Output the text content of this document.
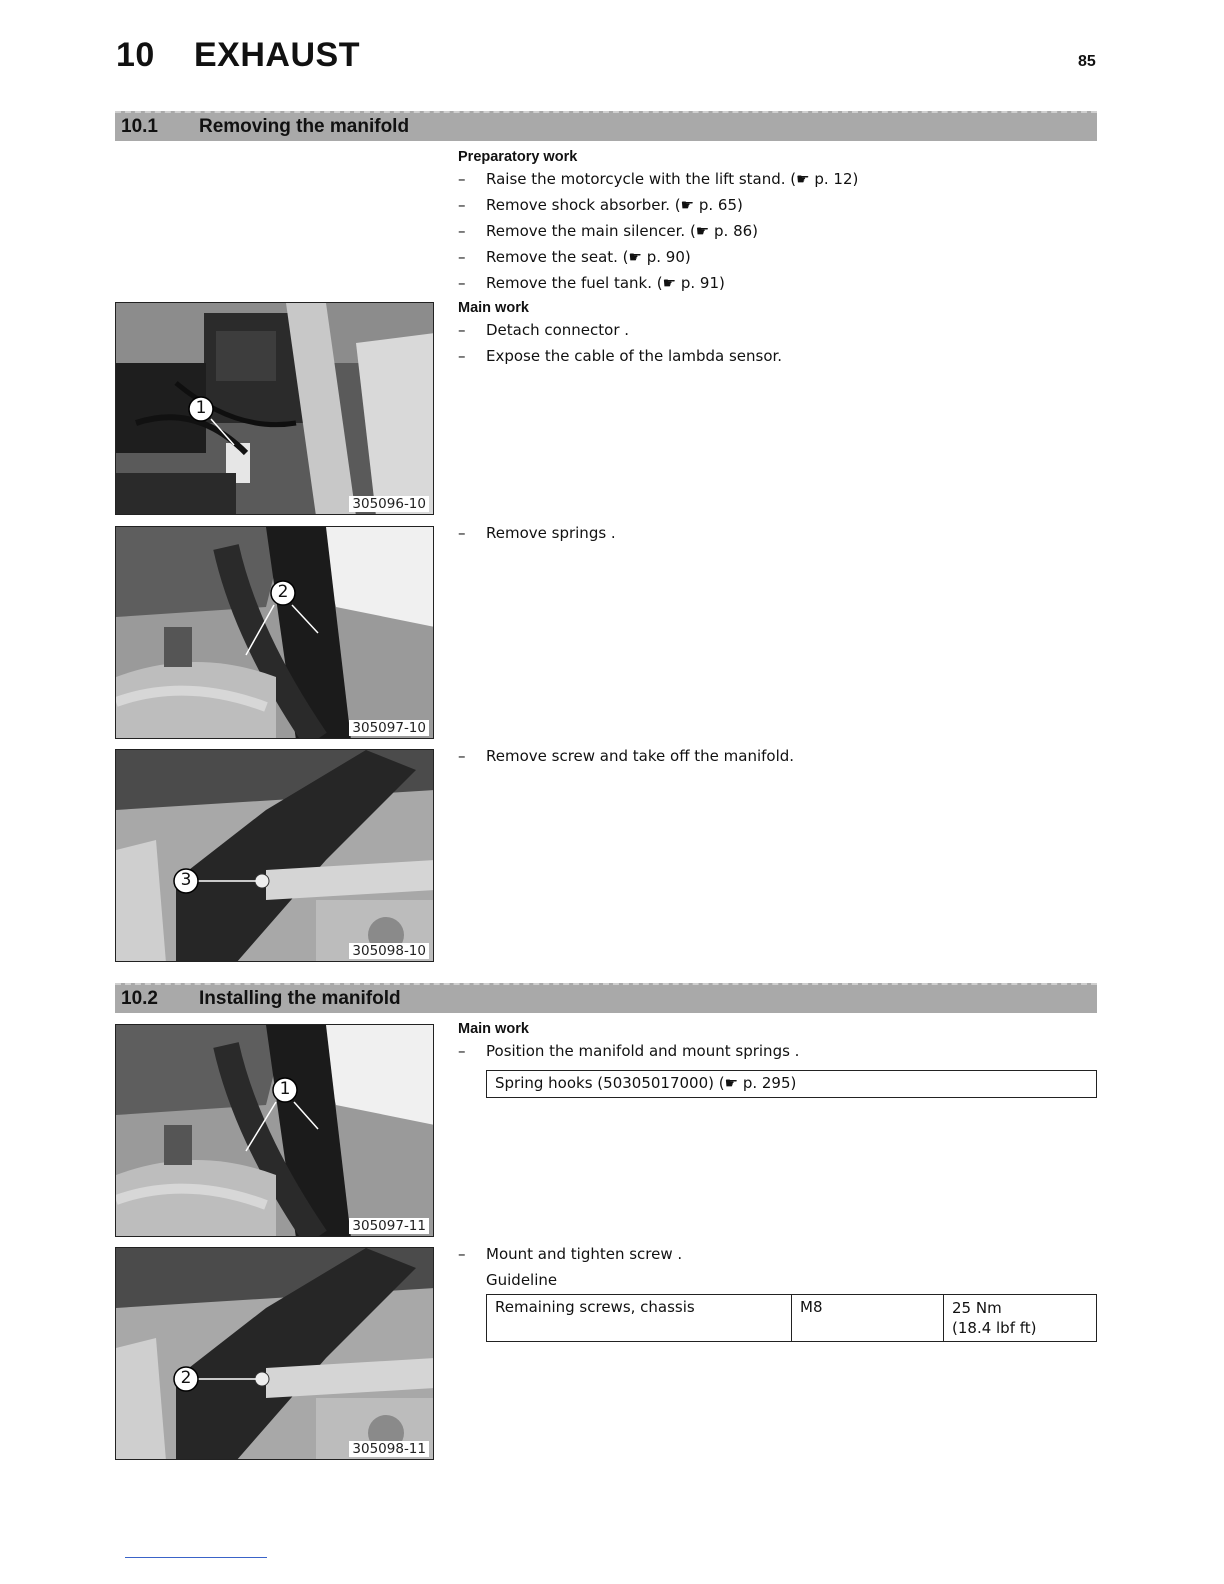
10 EXHAUST	85
10.1 Removing the manifold
Preparatory work
– Raise the motorcycle with the lift stand. (☛ p. 12)
– Remove shock absorber. (☛ p. 65)
– Remove the main silencer. (☛ p. 86)
– Remove the seat. (☛ p. 90)
– Remove the fuel tank. (☛ p. 91)
Main work
– Detach connector .
– Expose the cable of the lambda sensor.
– Remove springs .
– Remove screw and take off the manifold.
1
305096-10
2
305097-10
3
305098-10
10.2 Installing the manifold
Main work
– Position the manifold and mount springs .
Spring hooks (50305017000) (☛ p. 295)
– Mount and tighten screw .
Guideline
Remaining screws, chassis	M8	25 Nm
(18.4 lbf ft)
1
305097-11
2
305098-11
